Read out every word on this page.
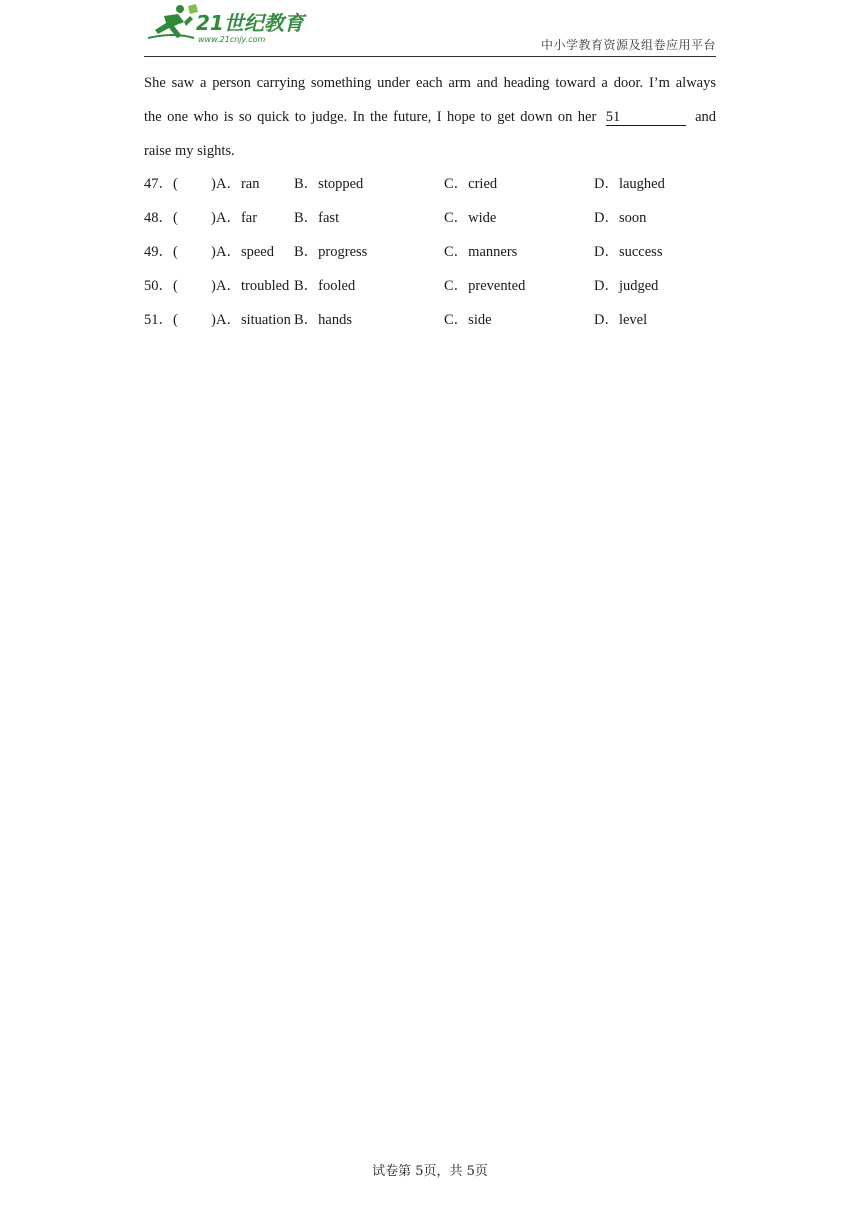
21世纪教育
www.21cnjy.com	中小学教育资源及组卷应用平台
She saw a person carrying something under each arm and heading toward a door. I’m always
the one who is so quick to judge. In the future, I hope to get down on her 51	and
raise my sights.
47．( ) A．ran B．stopped	C．cried	D．laughed
48．( ) A．far	B．fast	C．wide	D．soon
49．( ) A．speed B．progress	C．manners	D．success
50．( ) A．troubled B．fooled	C．prevented	D．judged
51．( ) A．situation B．hands	C．side	D．level
试卷第 5页，共 5页
